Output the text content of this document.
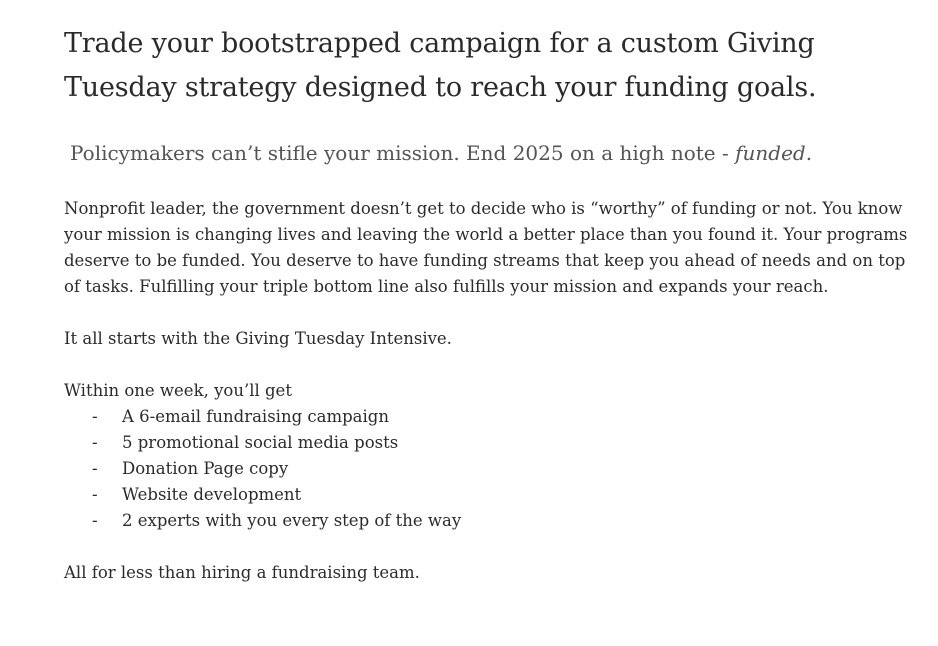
Trade your bootstrapped campaign for a custom Giving Tuesday strategy designed to reach your funding goals.

Policymakers can’t stifle your mission. End 2025 on a high note - funded.

Nonprofit leader, the government doesn’t get to decide who is “worthy” of funding or not. You know your mission is changing lives and leaving the world a better place than you found it. Your programs deserve to be funded. You deserve to have funding streams that keep you ahead of needs and on top of tasks. Fulfilling your triple bottom line also fulfills your mission and expands your reach.

It all starts with the Giving Tuesday Intensive.

Within one week, you’ll get

- A 6-email fundraising campaign
- 5 promotional social media posts
- Donation Page copy
- Website development
- 2 experts with you every step of the way

All for less than hiring a fundraising team.
